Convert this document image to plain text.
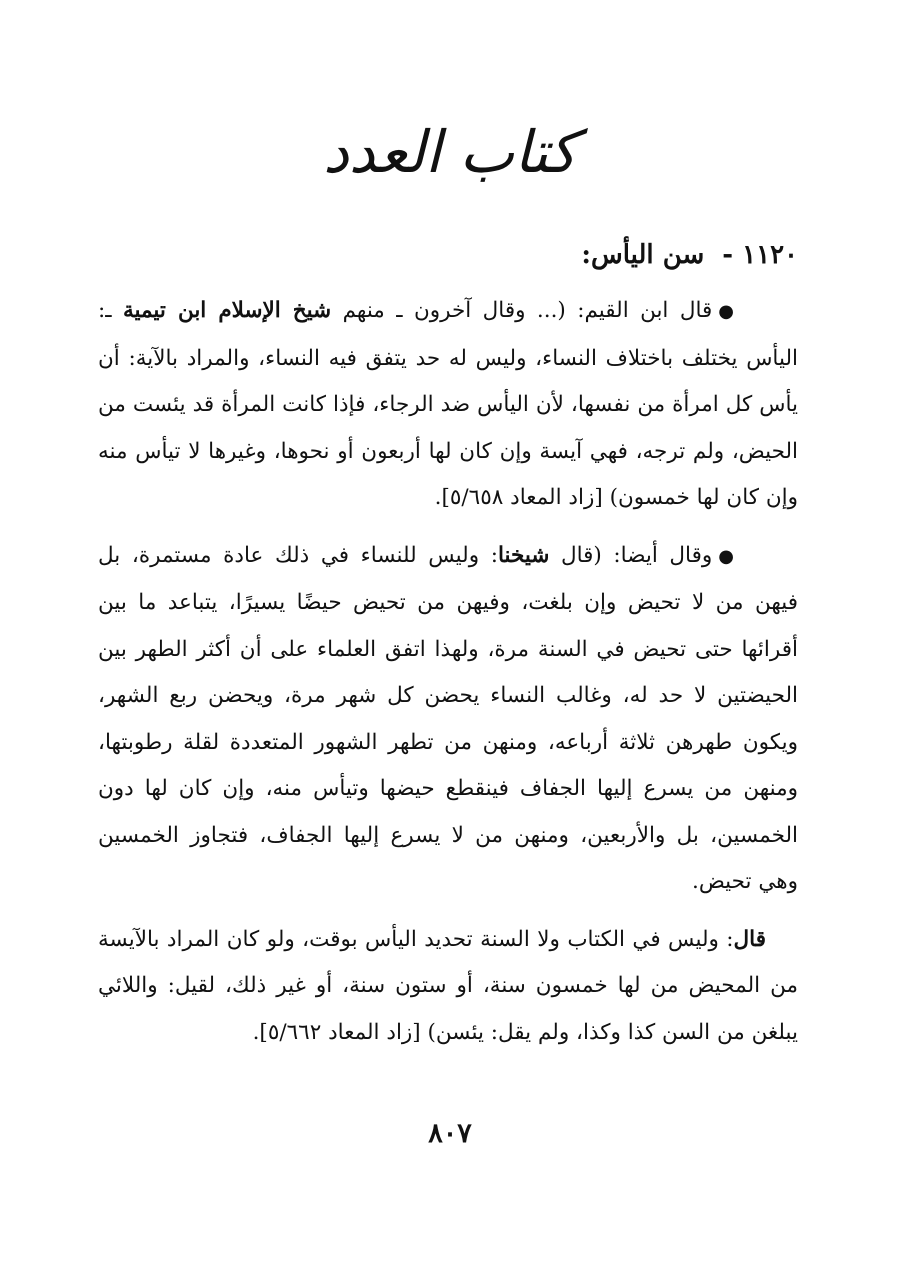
كتاب العدد
١١٢٠ -سن اليأس:

●قال ابن القيم: (... وقال آخرون ـ منهم شيخ الإسلام ابن تيمية ـ: اليأس يختلف باختلاف النساء، وليس له حد يتفق فيه النساء، والمراد بالآية: أن يأس كل امرأة من نفسها، لأن اليأس ضد الرجاء، فإذا كانت المرأة قد يئست من الحيض، ولم ترجه، فهي آيسة وإن كان لها أربعون أو نحوها، وغيرها لا تيأس منه وإن كان لها خمسون) [زاد المعاد ٥/٦٥٨].

●وقال أيضا: (قال شيخنا: وليس للنساء في ذلك عادة مستمرة، بل فيهن من لا تحيض وإن بلغت، وفيهن من تحيض حيضًا يسيرًا، يتباعد ما بين أقرائها حتى تحيض في السنة مرة، ولهذا اتفق العلماء على أن أكثر الطهر بين الحيضتين لا حد له، وغالب النساء يحضن كل شهر مرة، ويحضن ربع الشهر، ويكون طهرهن ثلاثة أرباعه، ومنهن من تطهر الشهور المتعددة لقلة رطوبتها، ومنهن من يسرع إليها الجفاف فينقطع حيضها وتيأس منه، وإن كان لها دون الخمسين، بل والأربعين، ومنهن من لا يسرع إليها الجفاف، فتجاوز الخمسين وهي تحيض.

قال: وليس في الكتاب ولا السنة تحديد اليأس بوقت، ولو كان المراد بالآيسة من المحيض من لها خمسون سنة، أو ستون سنة، أو غير ذلك، لقيل: واللائي يبلغن من السن كذا وكذا، ولم يقل: يئسن) [زاد المعاد ٥/٦٦٢].

٨٠٧
